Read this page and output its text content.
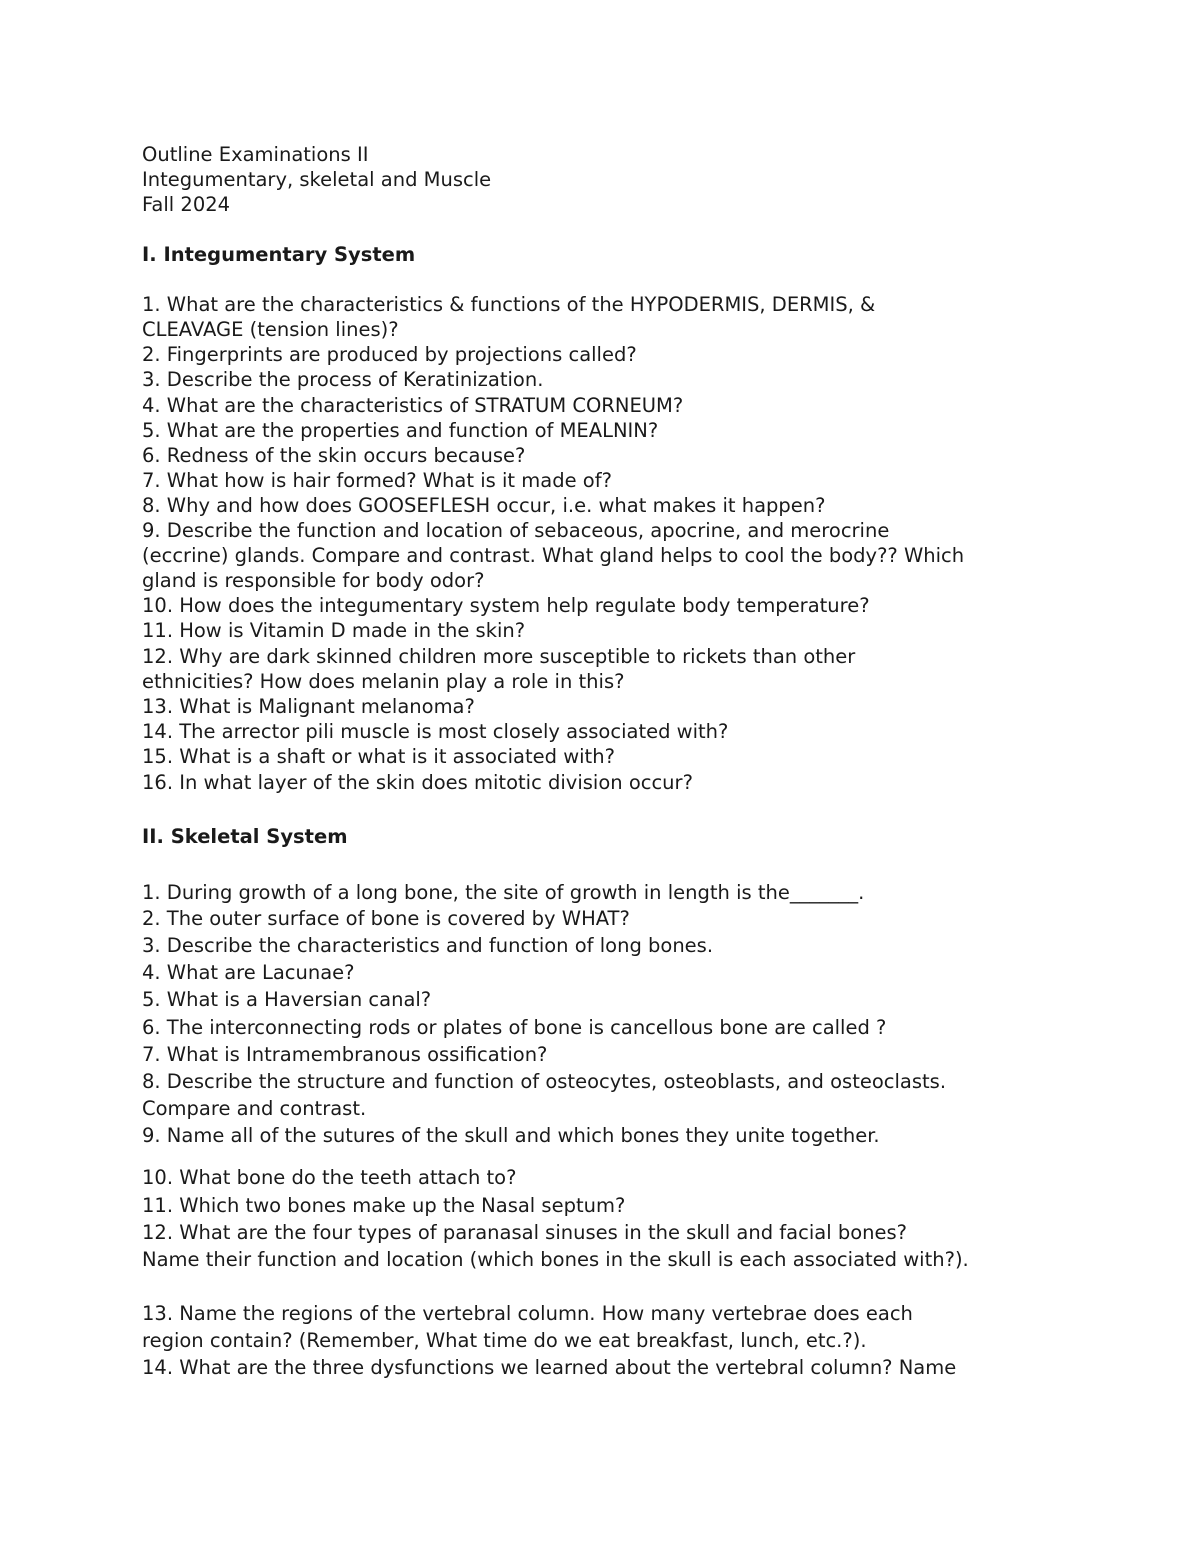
Outline Examinations II
Integumentary, skeletal and Muscle
Fall 2024
I. Integumentary System
1. What are the characteristics & functions of the HYPODERMIS, DERMIS, &
CLEAVAGE (tension lines)?
2. Fingerprints are produced by projections called?
3. Describe the process of Keratinization.
4. What are the characteristics of STRATUM CORNEUM?
5. What are the properties and function of MEALNIN?
6. Redness of the skin occurs because?
7. What how is hair formed? What is it made of?
8. Why and how does GOOSEFLESH occur, i.e. what makes it happen?
9. Describe the function and location of sebaceous, apocrine, and merocrine
(eccrine) glands. Compare and contrast. What gland helps to cool the body?? Which
gland is responsible for body odor?
10. How does the integumentary system help regulate body temperature?
11. How is Vitamin D made in the skin?
12. Why are dark skinned children more susceptible to rickets than other
ethnicities? How does melanin play a role in this?
13. What is Malignant melanoma?
14. The arrector pili muscle is most closely associated with?
15. What is a shaft or what is it associated with?
16. In what layer of the skin does mitotic division occur?
II. Skeletal System
1. During growth of a long bone, the site of growth in length is the_______.
2. The outer surface of bone is covered by WHAT?
3. Describe the characteristics and function of long bones.
4. What are Lacunae?
5. What is a Haversian canal?
6. The interconnecting rods or plates of bone is cancellous bone are called ?
7. What is Intramembranous ossification?
8. Describe the structure and function of osteocytes, osteoblasts, and osteoclasts.
Compare and contrast.
9. Name all of the sutures of the skull and which bones they unite together.
10. What bone do the teeth attach to?
11. Which two bones make up the Nasal septum?
12. What are the four types of paranasal sinuses in the skull and facial bones?
Name their function and location (which bones in the skull is each associated with?).
13. Name the regions of the vertebral column. How many vertebrae does each
region contain? (Remember, What time do we eat breakfast, lunch, etc.?).
14. What are the three dysfunctions we learned about the vertebral column? Name
